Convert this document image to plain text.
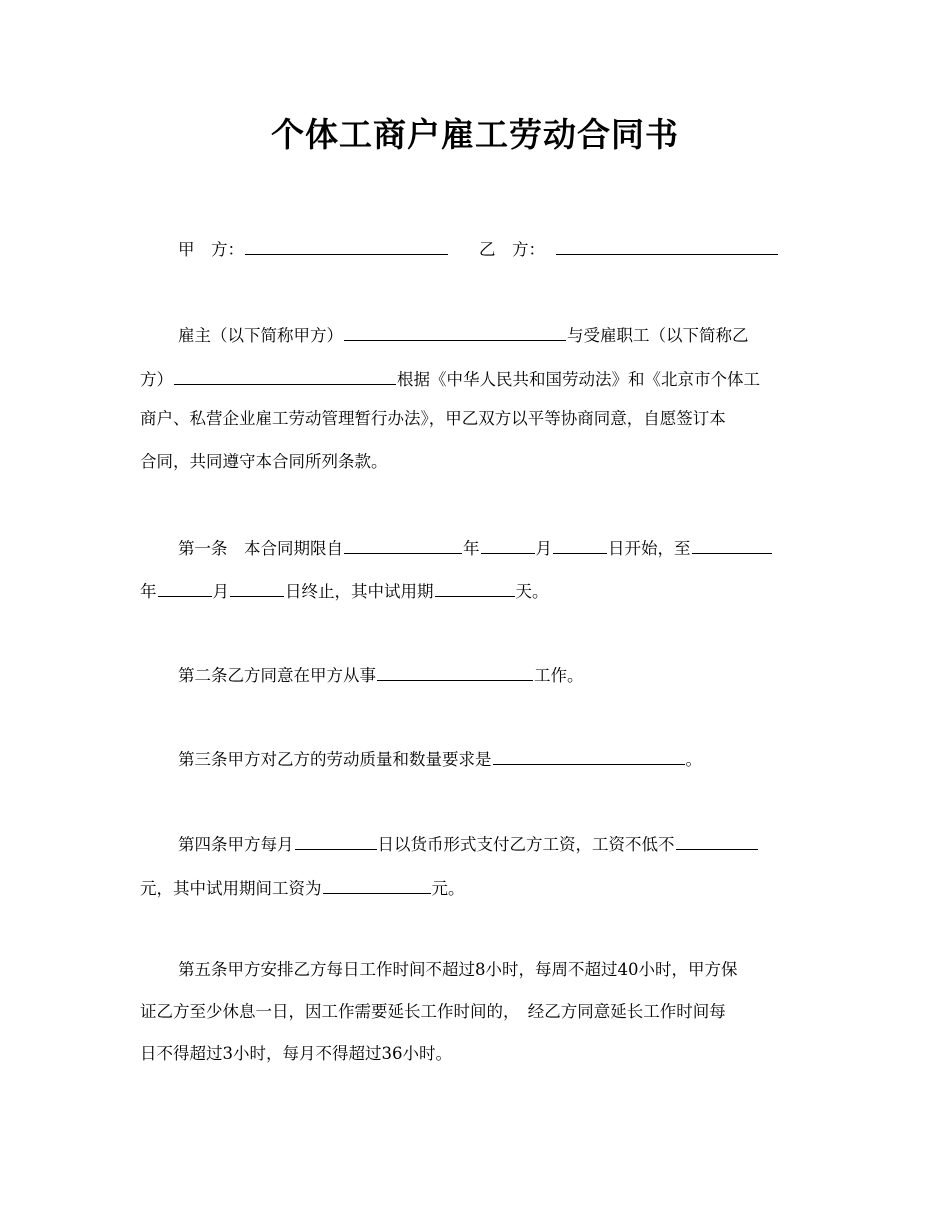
个体工商户雇工劳动合同书
甲　方：	乙　方：
雇主（以下简称甲方）	与受雇职工（以下简称乙
方）	根据《中华人民共和国劳动法》和《北京市个体工
商户、私营企业雇工劳动管理暂行办法》，甲乙双方以平等协商同意，自愿签订本
合同，共同遵守本合同所列条款。
第一条　本合同期限自	年	月	日开始，至
年	月	日终止，其中试用期	天。
第二条乙方同意在甲方从事	工作。
第三条甲方对乙方的劳动质量和数量要求是	。
第四条甲方每月	日以货币形式支付乙方工资，工资不低不
元，其中试用期间工资为	元。
第五条甲方安排乙方每日工作时间不超过8小时，每周不超过40小时，甲方保
证乙方至少休息一日，因工作需要延长工作时间的，　经乙方同意延长工作时间每
日不得超过3小时，每月不得超过36小时。
